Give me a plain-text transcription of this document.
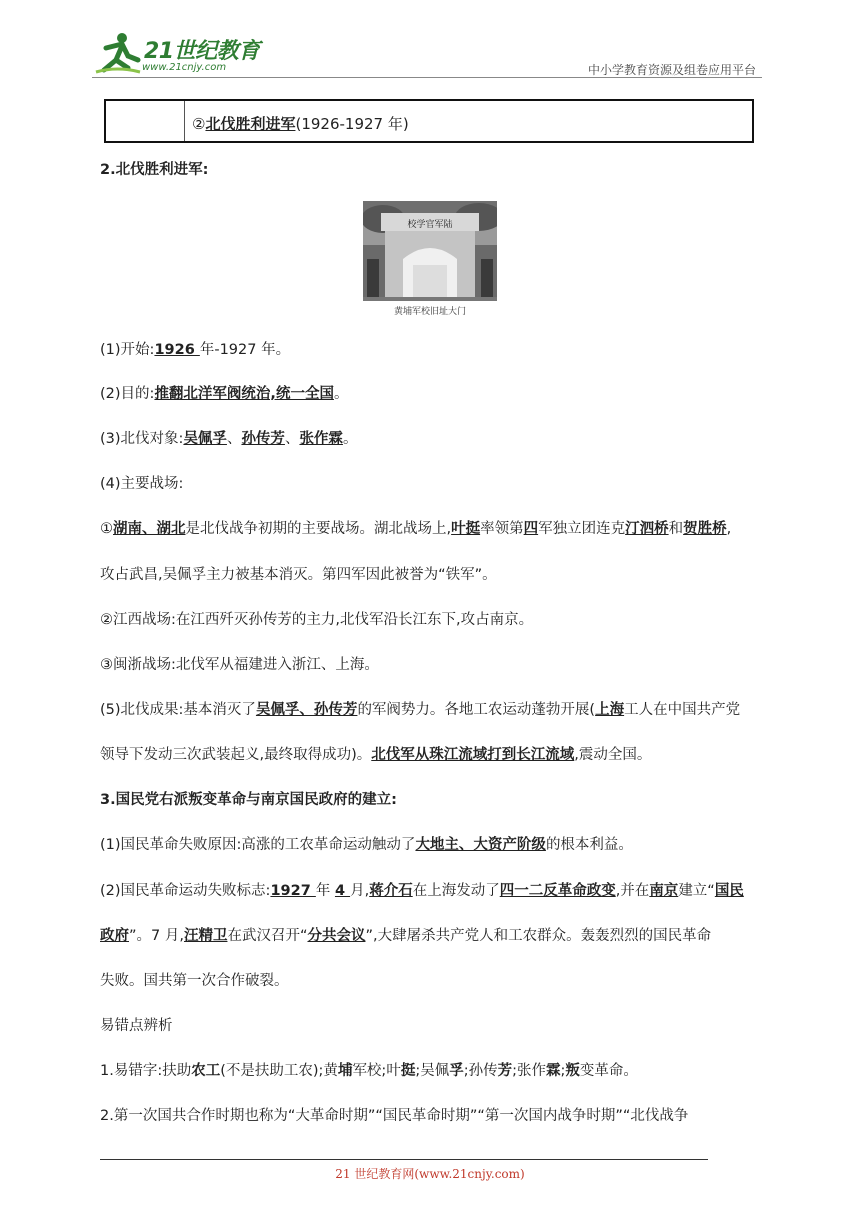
21世纪教育
www.21cnjy.com	中小学教育资源及组卷应用平台
②北伐胜利进军(1926-1927 年)
2.北伐胜利进军:
校学官军陆
黄埔军校旧址大门
(1)开始:1926 年-1927 年。
(2)目的:推翻北洋军阀统治,统一全国。
(3)北伐对象:吴佩孚、孙传芳、张作霖。
(4)主要战场:
①湖南、湖北是北伐战争初期的主要战场。湖北战场上,叶挺率领第四军独立团连克汀泗桥和贺胜桥,
攻占武昌,吴佩孚主力被基本消灭。第四军因此被誉为“铁军”。
②江西战场:在江西歼灭孙传芳的主力,北伐军沿长江东下,攻占南京。
③闽浙战场:北伐军从福建进入浙江、上海。
(5)北伐成果:基本消灭了吴佩孚、孙传芳的军阀势力。各地工农运动蓬勃开展(上海工人在中国共产党
领导下发动三次武装起义,最终取得成功)。北伐军从珠江流域打到长江流域,震动全国。
3.国民党右派叛变革命与南京国民政府的建立:
(1)国民革命失败原因:高涨的工农革命运动触动了大地主、大资产阶级的根本利益。
(2)国民革命运动失败标志:1927 年 4 月,蒋介石在上海发动了四一二反革命政变,并在南京建立“国民
政府”。7 月,汪精卫在武汉召开“分共会议”,大肆屠杀共产党人和工农群众。轰轰烈烈的国民革命
失败。国共第一次合作破裂。
易错点辨析
1.易错字:扶助农工(不是扶助工农);黄埔军校;叶挺;吴佩孚;孙传芳;张作霖;叛变革命。
2.第一次国共合作时期也称为“大革命时期”“国民革命时期”“第一次国内战争时期”“北伐战争
21 世纪教育网(www.21cnjy.com)
